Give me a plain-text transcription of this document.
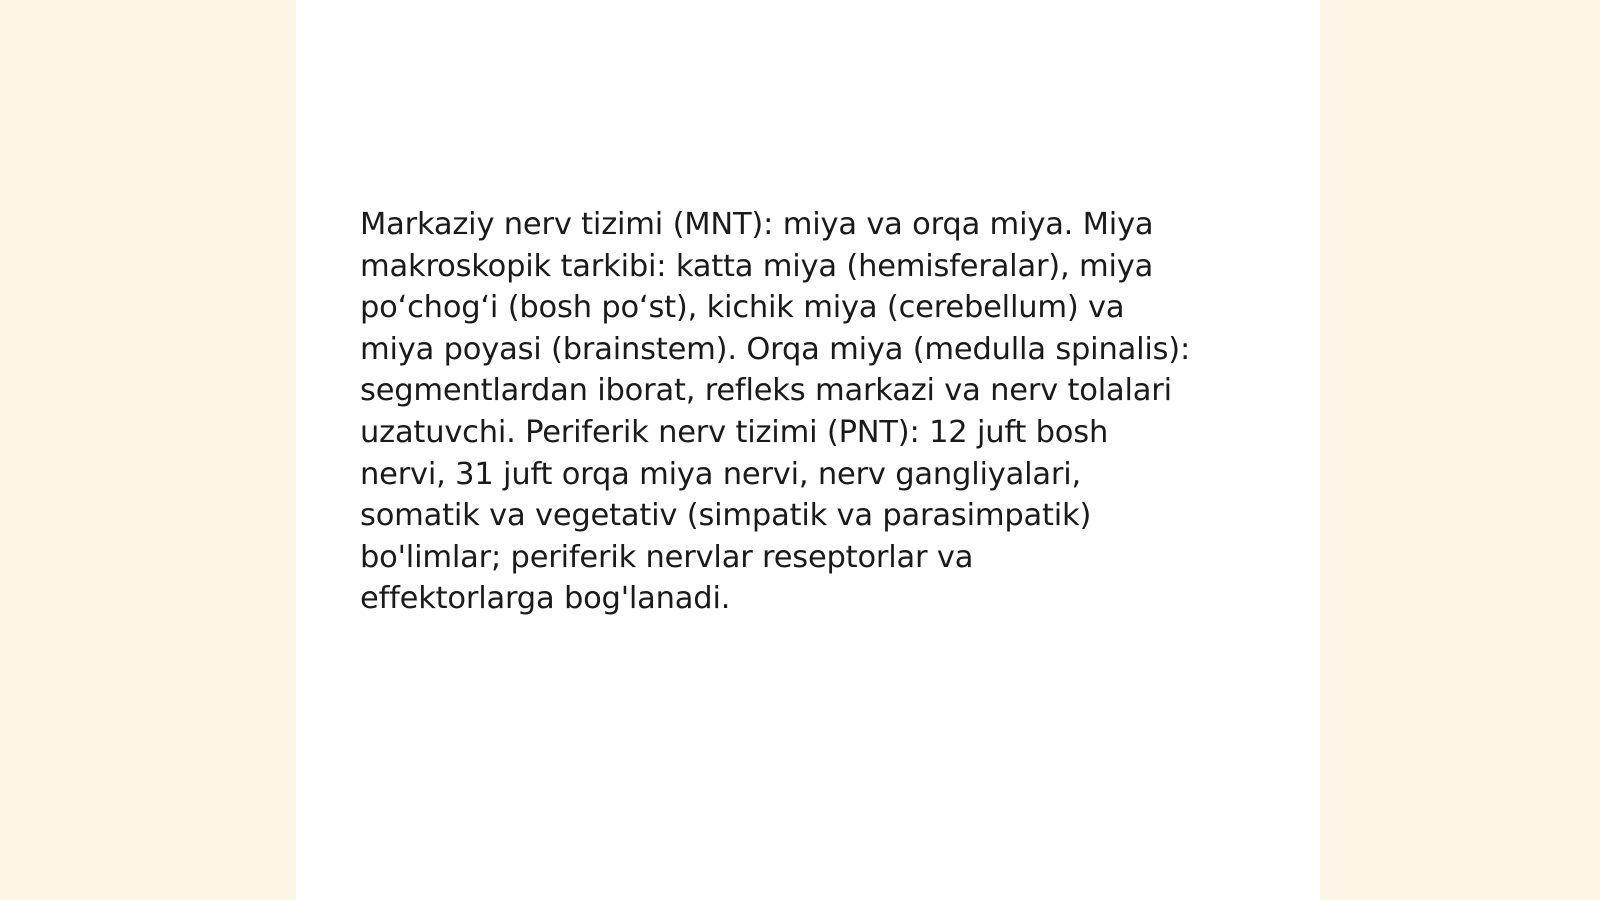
Markaziy nerv tizimi (MNT): miya va orqa miya. Miya
makroskopik tarkibi: katta miya (hemisferalar), miya
po‘chog‘i (bosh po‘st), kichik miya (cerebellum) va
miya poyasi (brainstem). Orqa miya (medulla spinalis):
segmentlardan iborat, refleks markazi va nerv tolalari
uzatuvchi. Periferik nerv tizimi (PNT): 12 juft bosh
nervi, 31 juft orqa miya nervi, nerv gangliyalari,
somatik va vegetativ (simpatik va parasimpatik)
bo'limlar; periferik nervlar reseptorlar va
effektorlarga bog'lanadi.
